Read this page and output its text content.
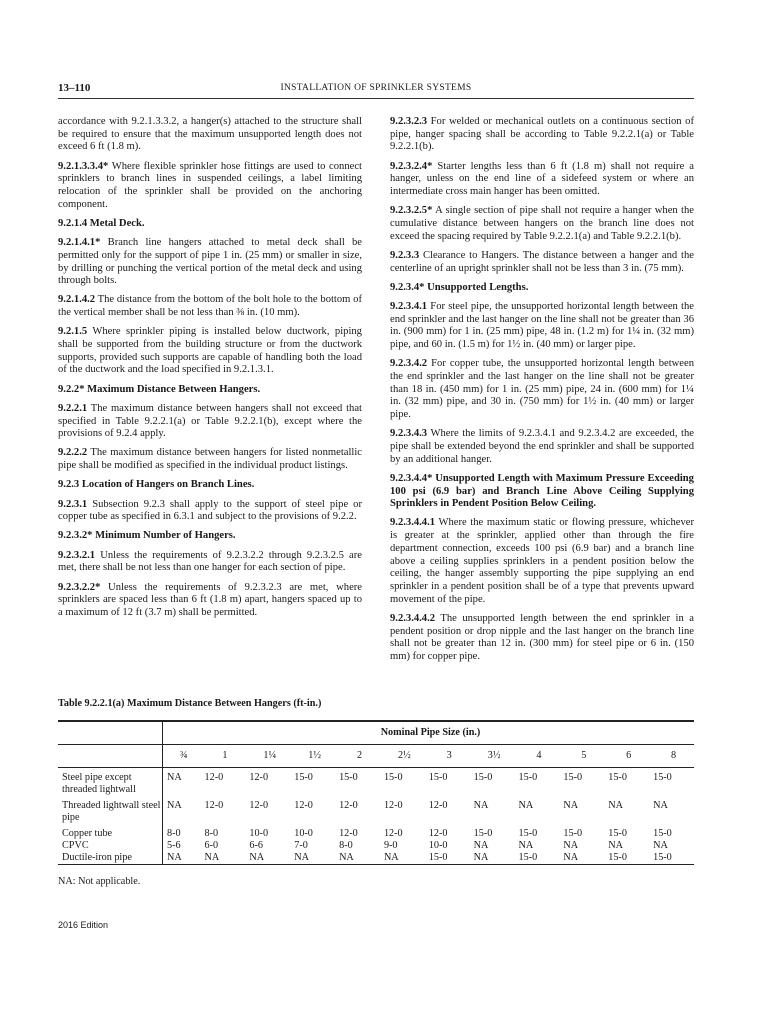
13–110	INSTALLATION OF SPRINKLER SYSTEMS

accordance with 9.2.1.3.3.2, a hanger(s) attached to the structure shall be required to ensure that the maximum unsupported length does not exceed 6 ft (1.8 m).

9.2.1.3.3.4* Where flexible sprinkler hose fittings are used to connect sprinklers to branch lines in suspended ceilings, a label limiting relocation of the sprinkler shall be provided on the anchoring component.

9.2.1.4 Metal Deck.

9.2.1.4.1* Branch line hangers attached to metal deck shall be permitted only for the support of pipe 1 in. (25 mm) or smaller in size, by drilling or punching the vertical portion of the metal deck and using through bolts.

9.2.1.4.2 The distance from the bottom of the bolt hole to the bottom of the vertical member shall be not less than ⅜ in. (10 mm).

9.2.1.5 Where sprinkler piping is installed below ductwork, piping shall be supported from the building structure or from the ductwork supports, provided such supports are capable of handling both the load of the ductwork and the load specified in 9.2.1.3.1.

9.2.2* Maximum Distance Between Hangers.

9.2.2.1 The maximum distance between hangers shall not exceed that specified in Table 9.2.2.1(a) or Table 9.2.2.1(b), except where the provisions of 9.2.4 apply.

9.2.2.2 The maximum distance between hangers for listed nonmetallic pipe shall be modified as specified in the individual product listings.

9.2.3 Location of Hangers on Branch Lines.

9.2.3.1 Subsection 9.2.3 shall apply to the support of steel pipe or copper tube as specified in 6.3.1 and subject to the provisions of 9.2.2.

9.2.3.2* Minimum Number of Hangers.

9.2.3.2.1 Unless the requirements of 9.2.3.2.2 through 9.2.3.2.5 are met, there shall be not less than one hanger for each section of pipe.

9.2.3.2.2* Unless the requirements of 9.2.3.2.3 are met, where sprinklers are spaced less than 6 ft (1.8 m) apart, hangers spaced up to a maximum of 12 ft (3.7 m) shall be permitted.

9.2.3.2.3 For welded or mechanical outlets on a continuous section of pipe, hanger spacing shall be according to Table 9.2.2.1(a) or Table 9.2.2.1(b).

9.2.3.2.4* Starter lengths less than 6 ft (1.8 m) shall not require a hanger, unless on the end line of a sidefeed system or where an intermediate cross main hanger has been omitted.

9.2.3.2.5* A single section of pipe shall not require a hanger when the cumulative distance between hangers on the branch line does not exceed the spacing required by Table 9.2.2.1(a) and Table 9.2.2.1(b).

9.2.3.3 Clearance to Hangers. The distance between a hanger and the centerline of an upright sprinkler shall not be less than 3 in. (75 mm).

9.2.3.4* Unsupported Lengths.

9.2.3.4.1 For steel pipe, the unsupported horizontal length between the end sprinkler and the last hanger on the line shall not be greater than 36 in. (900 mm) for 1 in. (25 mm) pipe, 48 in. (1.2 m) for 1¼ in. (32 mm) pipe, and 60 in. (1.5 m) for 1½ in. (40 mm) or larger pipe.

9.2.3.4.2 For copper tube, the unsupported horizontal length between the end sprinkler and the last hanger on the line shall not be greater than 18 in. (450 mm) for 1 in. (25 mm) pipe, 24 in. (600 mm) for 1¼ in. (32 mm) pipe, and 30 in. (750 mm) for 1½ in. (40 mm) or larger pipe.

9.2.3.4.3 Where the limits of 9.2.3.4.1 and 9.2.3.4.2 are exceeded, the pipe shall be extended beyond the end sprinkler and shall be supported by an additional hanger.

9.2.3.4.4* Unsupported Length with Maximum Pressure Exceeding 100 psi (6.9 bar) and Branch Line Above Ceiling Supplying Sprinklers in Pendent Position Below Ceiling.

9.2.3.4.4.1 Where the maximum static or flowing pressure, whichever is greater at the sprinkler, applied other than through the fire department connection, exceeds 100 psi (6.9 bar) and a branch line above a ceiling supplies sprinklers in a pendent position below the ceiling, the hanger assembly supporting the pipe supplying an end sprinkler in a pendent position shall be of a type that prevents upward movement of the pipe.

9.2.3.4.4.2 The unsupported length between the end sprinkler in a pendent position or drop nipple and the last hanger on the branch line shall not be greater than 12 in. (300 mm) for steel pipe or 6 in. (150 mm) for copper pipe.

Table 9.2.2.1(a) Maximum Distance Between Hangers (ft-in.)
	Nominal Pipe Size (in.)											
	¾	1	1¼	1½	2	2½	3	3½	4	5	6	8
Steel pipe except threaded lightwall	NA	12-0	12-0	15-0	15-0	15-0	15-0	15-0	15-0	15-0	15-0	15-0
Threaded lightwall steel pipe	NA	12-0	12-0	12-0	12-0	12-0	12-0	NA	NA	NA	NA	NA
Copper tube	8-0	8-0	10-0	10-0	12-0	12-0	12-0	15-0	15-0	15-0	15-0	15-0
CPVC	5-6	6-0	6-6	7-0	8-0	9-0	10-0	NA	NA	NA	NA	NA
Ductile-iron pipe	NA	NA	NA	NA	NA	NA	15-0	NA	15-0	NA	15-0	15-0
NA: Not applicable.
2016 Edition
